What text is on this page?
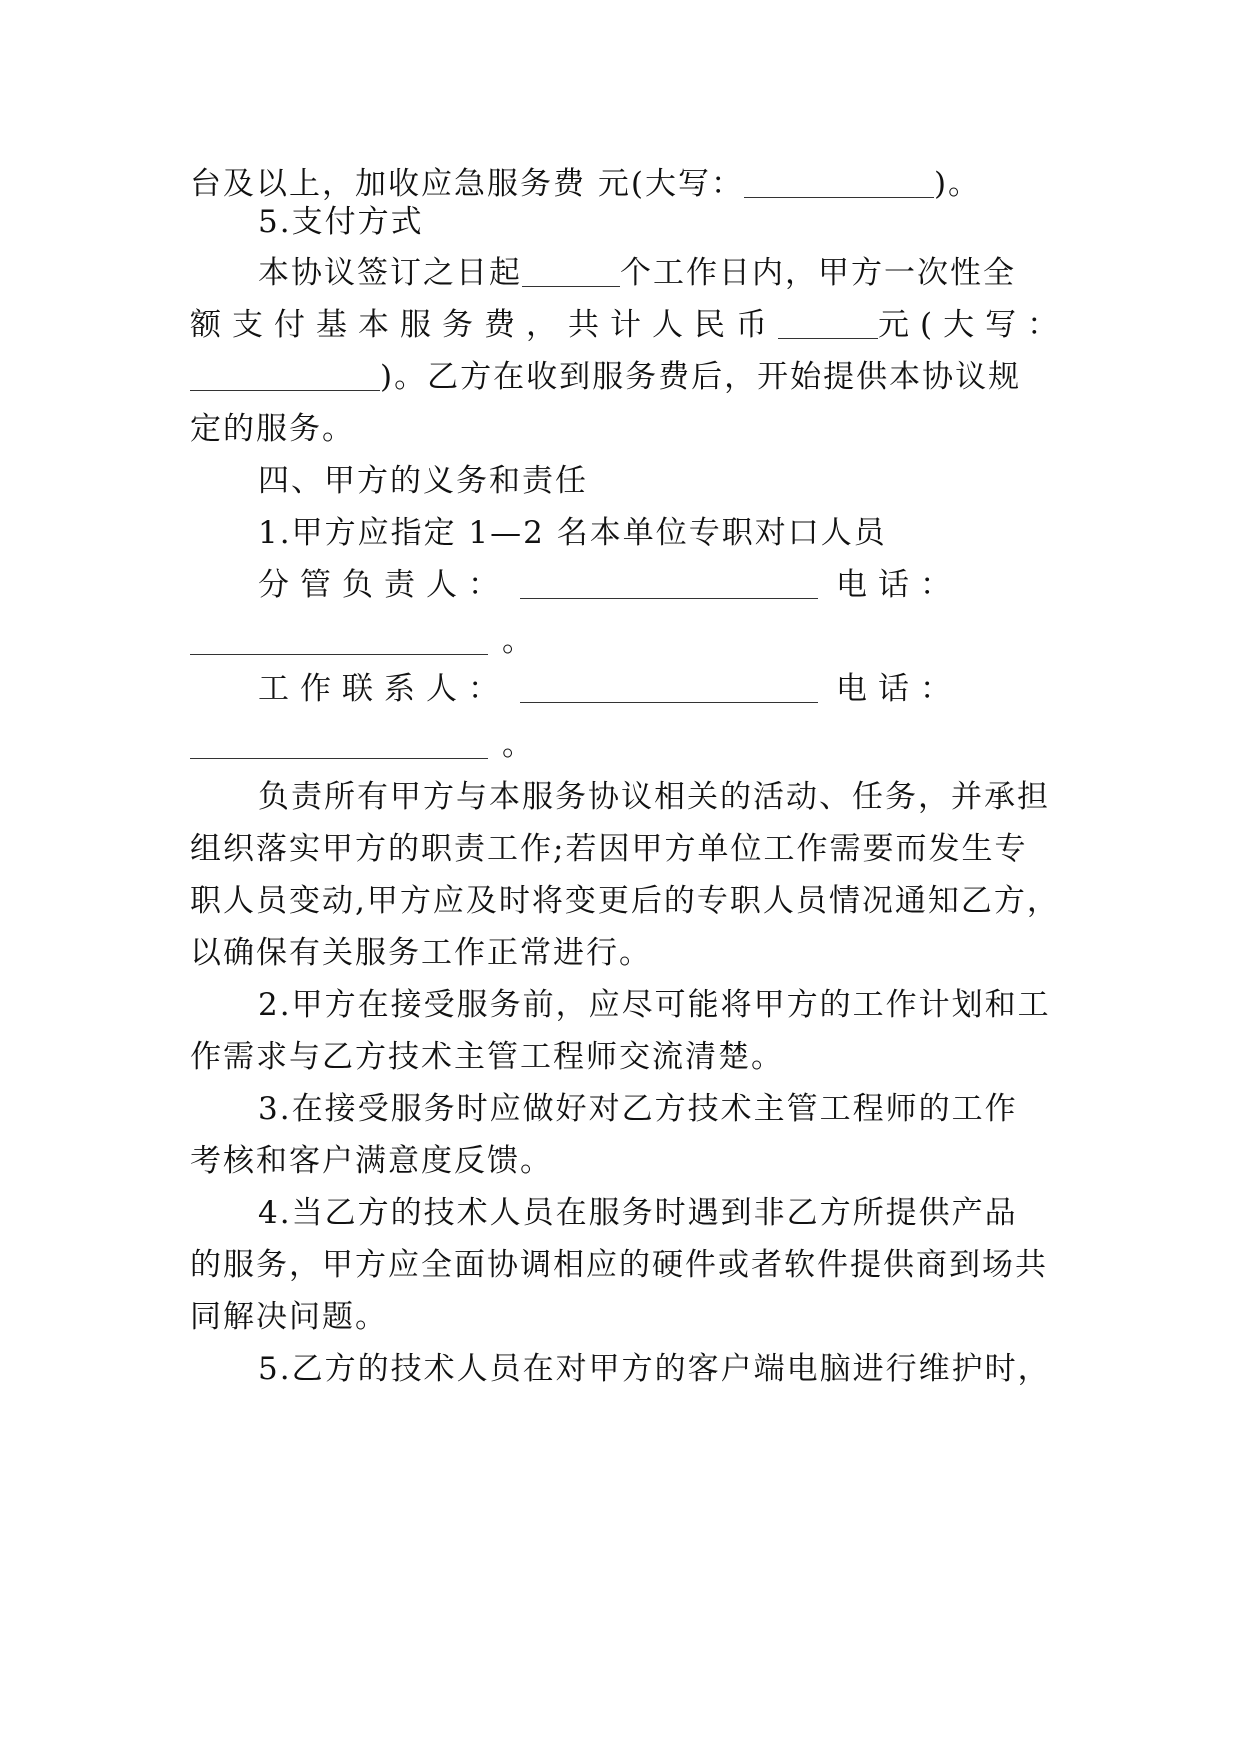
台及以上，加收应急服务费 元(大写：	)。
5.支付方式
本协议签订之日起	个工作日内，甲方一次性全
额支付基本服务费，共计人民币	元(大写：
)。乙方在收到服务费后，开始提供本协议规
定的服务。
四、甲方的义务和责任
1.甲方应指定 1—2 名本单位专职对口人员
分管负责人：	电话：
。
工作联系人：	电话：
。
负责所有甲方与本服务协议相关的活动、任务，并承担
组织落实甲方的职责工作;若因甲方单位工作需要而发生专
职人员变动,甲方应及时将变更后的专职人员情况通知乙方，
以确保有关服务工作正常进行。
2.甲方在接受服务前，应尽可能将甲方的工作计划和工
作需求与乙方技术主管工程师交流清楚。
3.在接受服务时应做好对乙方技术主管工程师的工作
考核和客户满意度反馈。
4.当乙方的技术人员在服务时遇到非乙方所提供产品
的服务，甲方应全面协调相应的硬件或者软件提供商到场共
同解决问题。
5.乙方的技术人员在对甲方的客户端电脑进行维护时，
